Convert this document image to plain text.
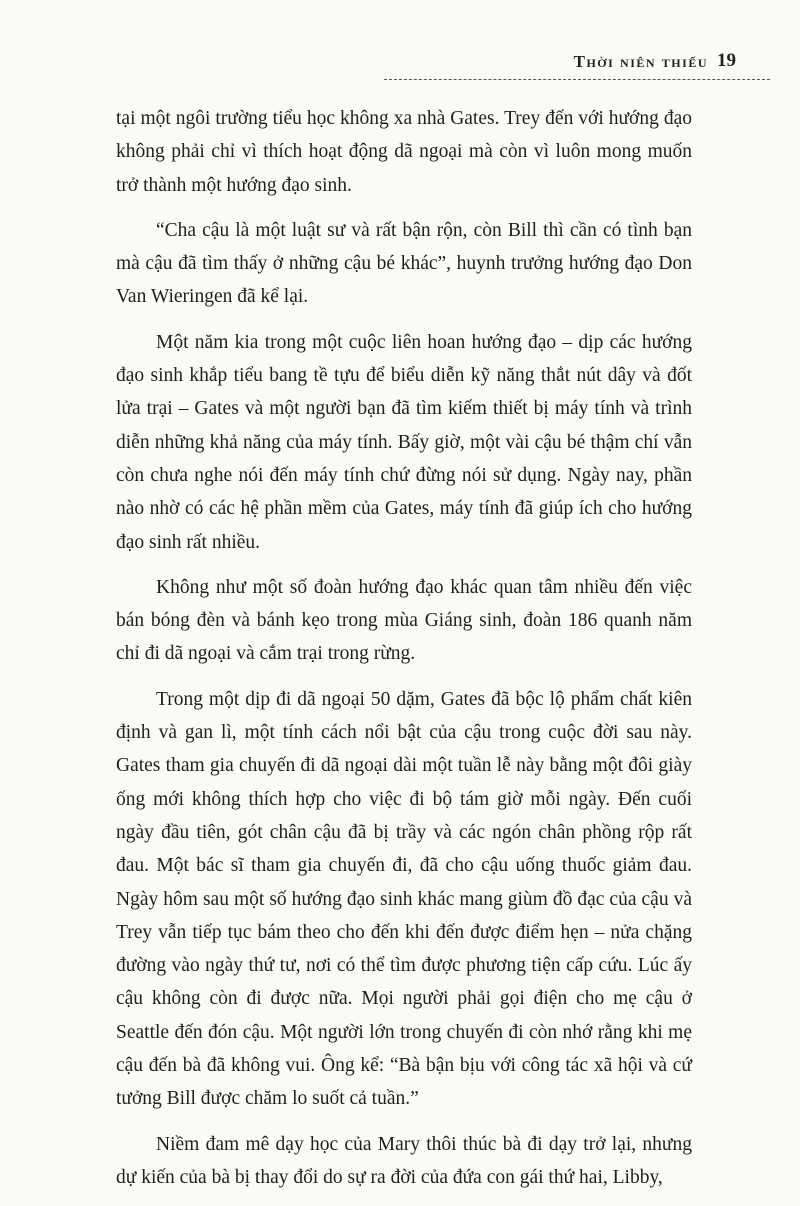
Thời niên thiếu 19

tại một ngôi trường tiểu học không xa nhà Gates. Trey đến với hướng đạo không phải chỉ vì thích hoạt động dã ngoại mà còn vì luôn mong muốn trở thành một hướng đạo sinh.

“Cha cậu là một luật sư và rất bận rộn, còn Bill thì cần có tình bạn mà cậu đã tìm thấy ở những cậu bé khác”, huynh trưởng hướng đạo Don Van Wieringen đã kể lại.

Một năm kia trong một cuộc liên hoan hướng đạo – dịp các hướng đạo sinh khắp tiểu bang tề tựu để biểu diễn kỹ năng thắt nút dây và đốt lửa trại – Gates và một người bạn đã tìm kiếm thiết bị máy tính và trình diễn những khả năng của máy tính. Bấy giờ, một vài cậu bé thậm chí vẫn còn chưa nghe nói đến máy tính chứ đừng nói sử dụng. Ngày nay, phần nào nhờ có các hệ phần mềm của Gates, máy tính đã giúp ích cho hướng đạo sinh rất nhiều.

Không như một số đoàn hướng đạo khác quan tâm nhiều đến việc bán bóng đèn và bánh kẹo trong mùa Giáng sinh, đoàn 186 quanh năm chỉ đi dã ngoại và cắm trại trong rừng.

Trong một dịp đi dã ngoại 50 dặm, Gates đã bộc lộ phẩm chất kiên định và gan lì, một tính cách nổi bật của cậu trong cuộc đời sau này. Gates tham gia chuyến đi dã ngoại dài một tuần lễ này bằng một đôi giày ống mới không thích hợp cho việc đi bộ tám giờ mỗi ngày. Đến cuối ngày đầu tiên, gót chân cậu đã bị trầy và các ngón chân phồng rộp rất đau. Một bác sĩ tham gia chuyến đi, đã cho cậu uống thuốc giảm đau. Ngày hôm sau một số hướng đạo sinh khác mang giùm đồ đạc của cậu và Trey vẫn tiếp tục bám theo cho đến khi đến được điểm hẹn – nửa chặng đường vào ngày thứ tư, nơi có thể tìm được phương tiện cấp cứu. Lúc ấy cậu không còn đi được nữa. Mọi người phải gọi điện cho mẹ cậu ở Seattle đến đón cậu. Một người lớn trong chuyến đi còn nhớ rằng khi mẹ cậu đến bà đã không vui. Ông kể: “Bà bận bịu với công tác xã hội và cứ tưởng Bill được chăm lo suốt cả tuần.”

Niềm đam mê dạy học của Mary thôi thúc bà đi dạy trở lại, nhưng dự kiến của bà bị thay đổi do sự ra đời của đứa con gái thứ hai, Libby,
